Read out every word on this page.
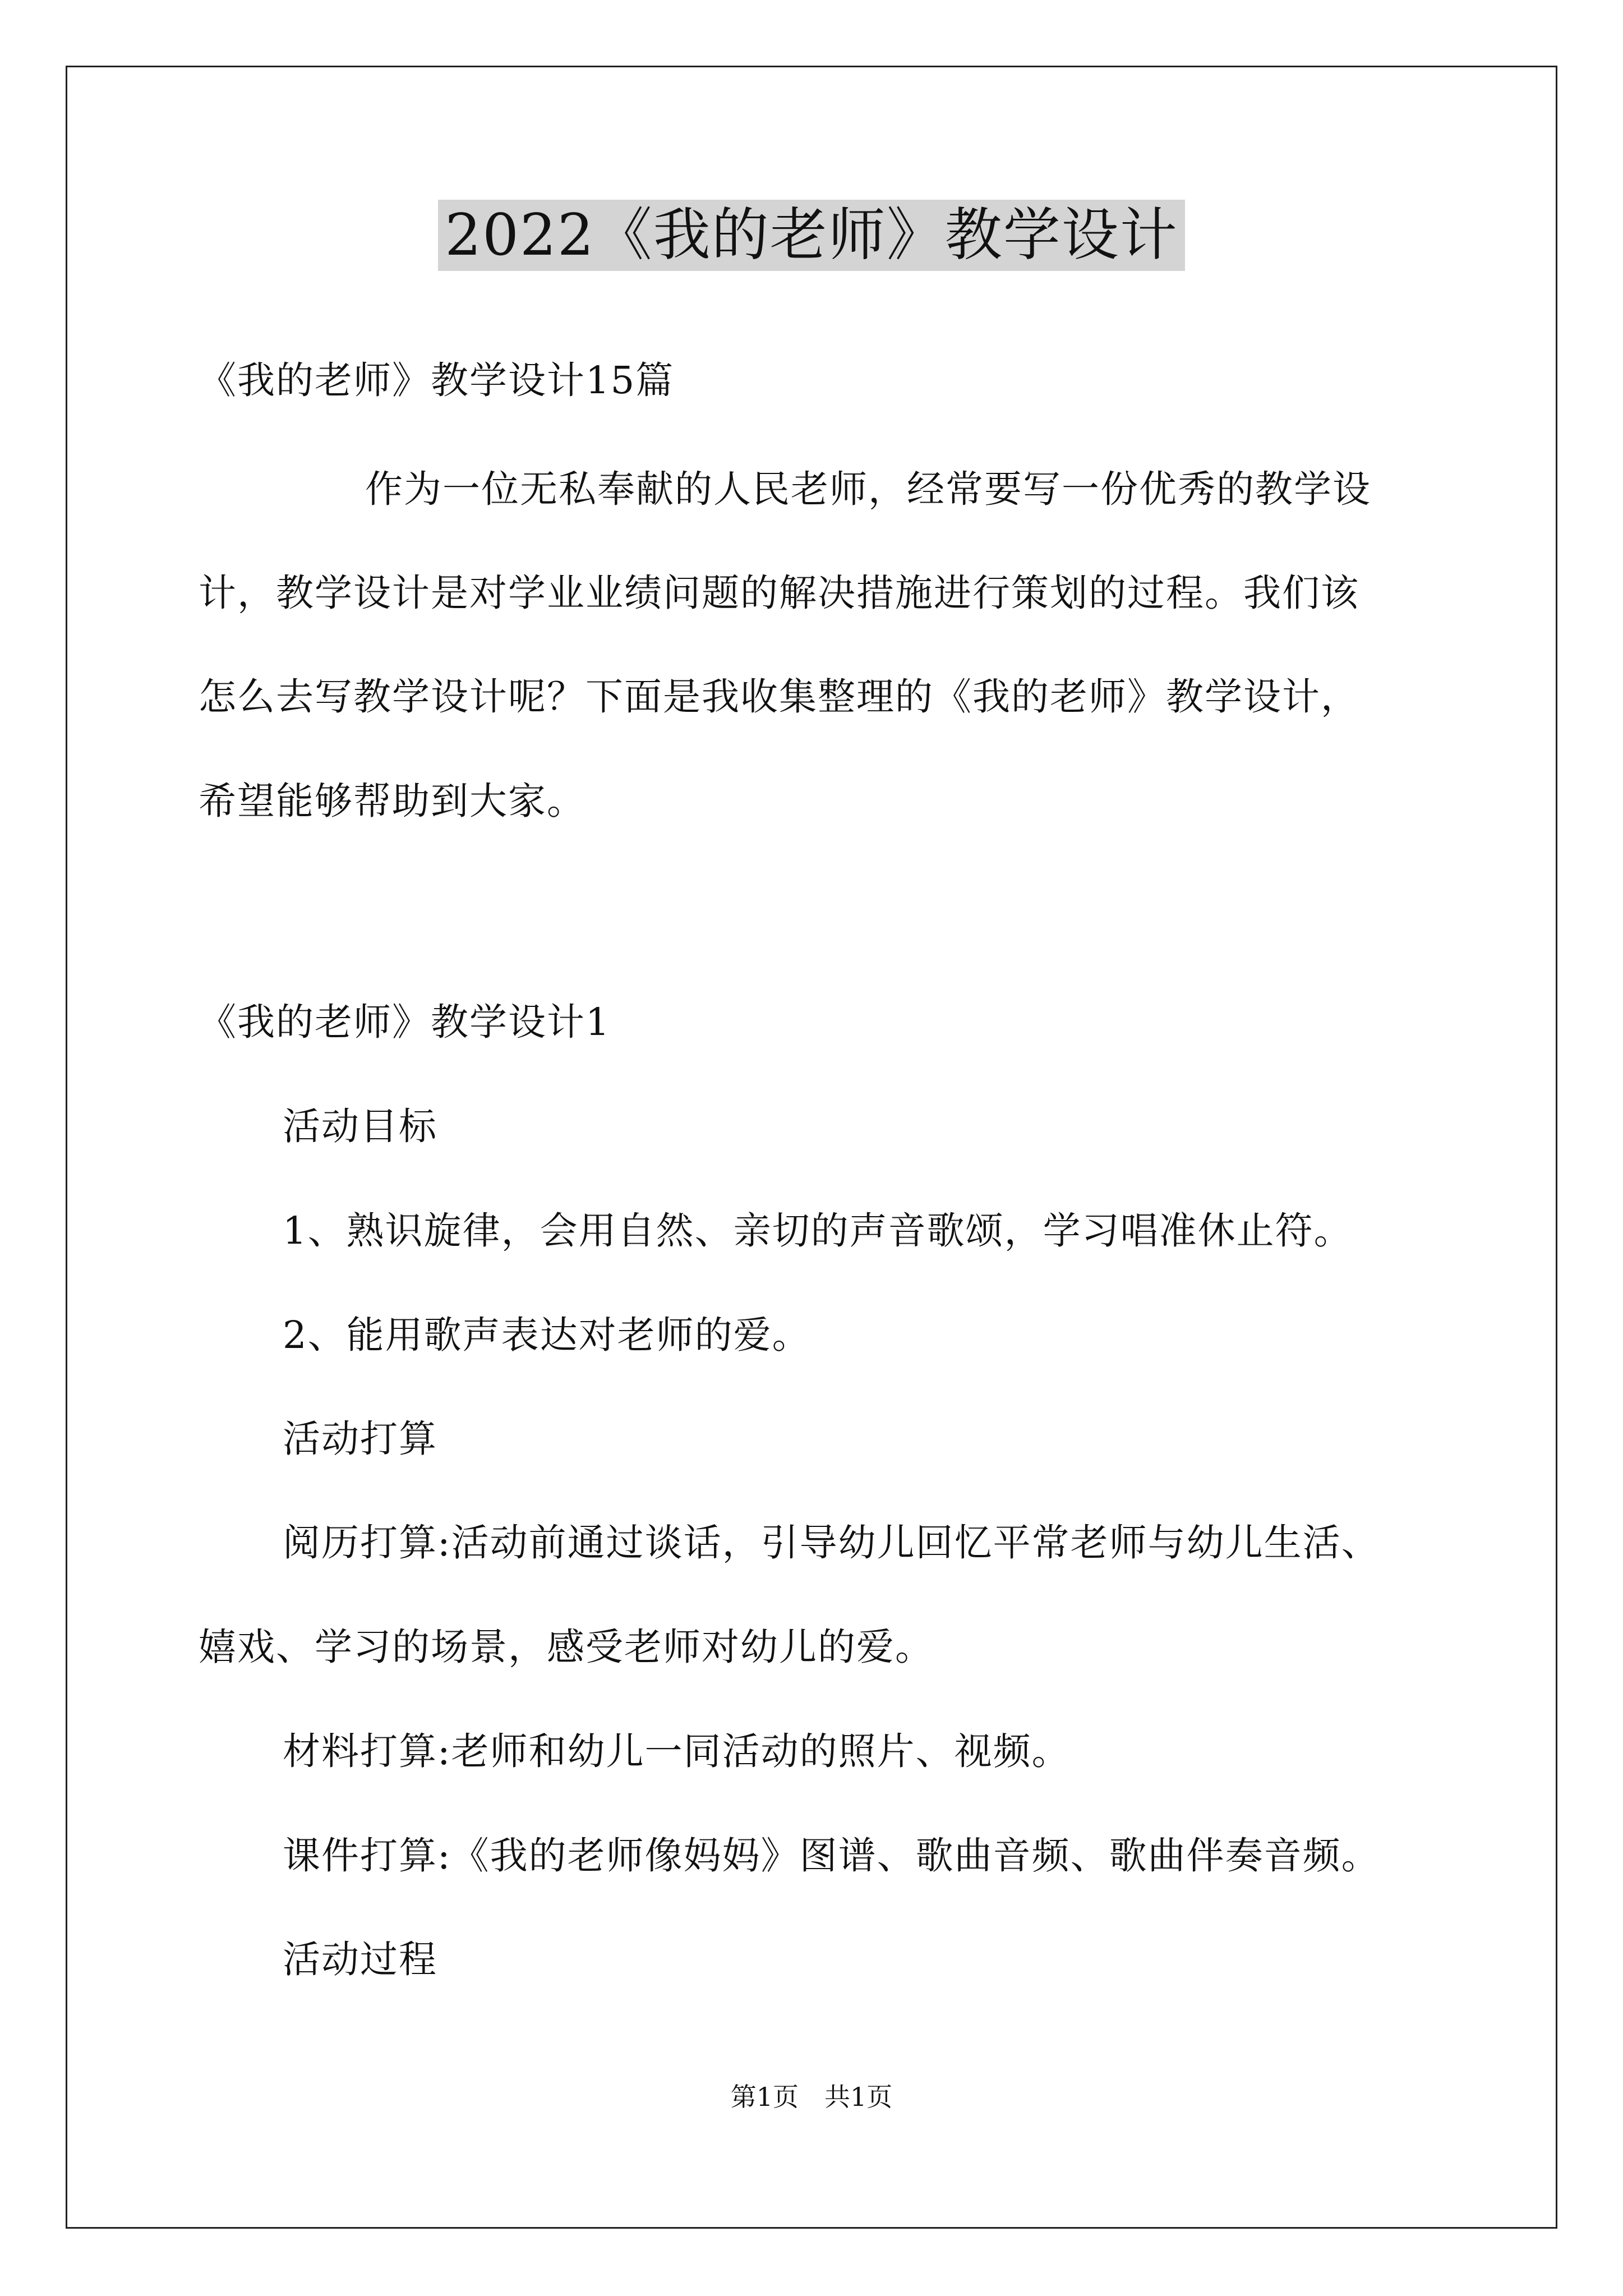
2022《我的老师》教学设计
《我的老师》教学设计15篇
作为一位无私奉献的人民老师，经常要写一份优秀的教学设
计，教学设计是对学业业绩问题的解决措施进行策划的过程。我们该
怎么去写教学设计呢？下面是我收集整理的《我的老师》教学设计，
希望能够帮助到大家。
《我的老师》教学设计1
活动目标
1、熟识旋律，会用自然、亲切的声音歌颂，学习唱准休止符。
2、能用歌声表达对老师的爱。
活动打算
阅历打算:活动前通过谈话，引导幼儿回忆平常老师与幼儿生活、
嬉戏、学习的场景，感受老师对幼儿的爱。
材料打算:老师和幼儿一同活动的照片、视频。
课件打算:《我的老师像妈妈》图谱、歌曲音频、歌曲伴奏音频。
活动过程
第1页　共1页
